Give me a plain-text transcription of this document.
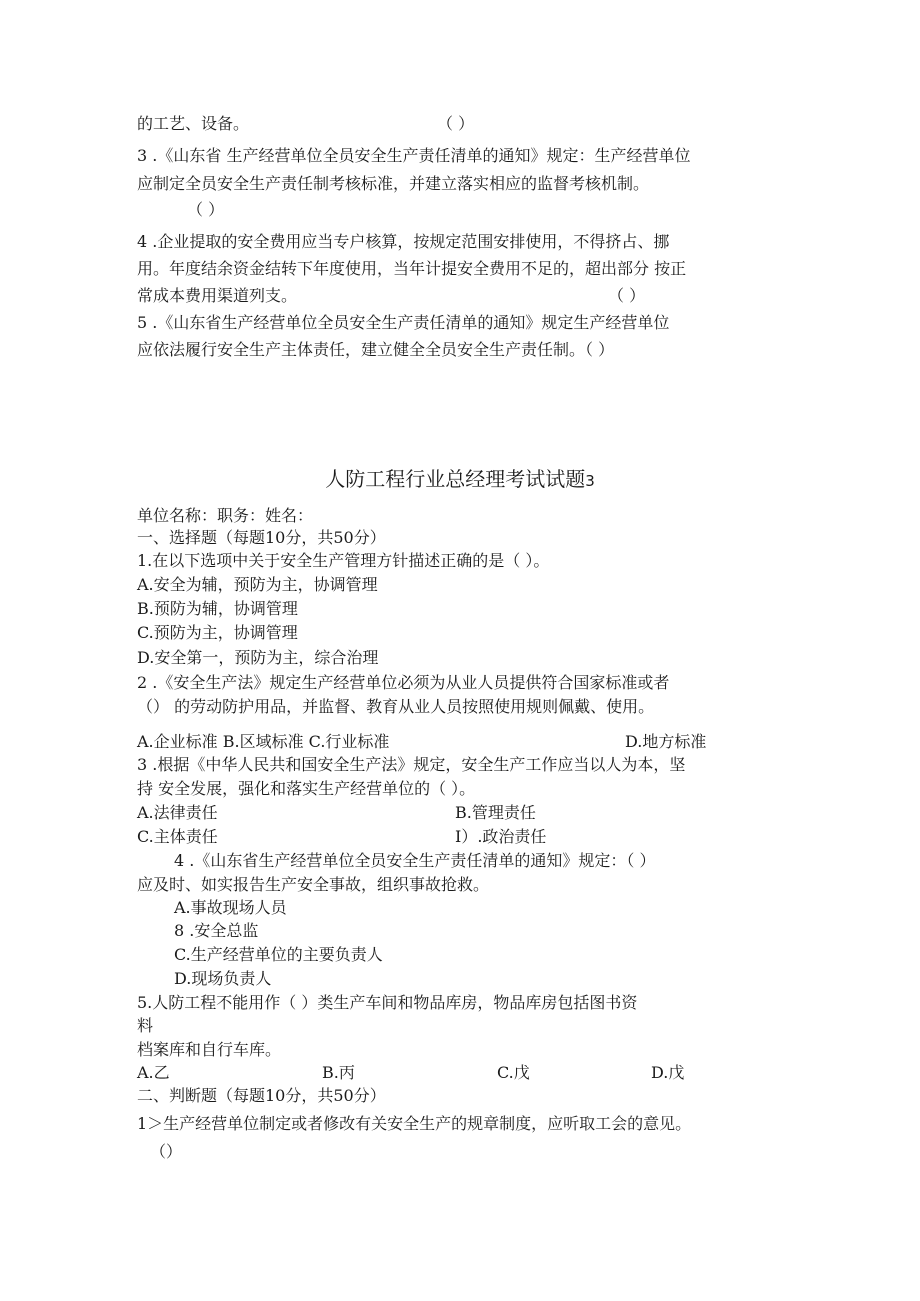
的工艺、设备。	（ ）
3 .《山东省 生产经营单位全员安全生产责任清单的通知》规定：生产经营单位
应制定全员安全生产责任制考核标准，并建立落实相应的监督考核机制。
（ ）
4 .企业提取的安全费用应当专户核算，按规定范围安排使用，不得挤占、挪
用。年度结余资金结转下年度使用，当年计提安全费用不足的，超出部分 按正
常成本费用渠道列支。	（ ）
5 .《山东省生产经营单位全员安全生产责任清单的通知》规定生产经营单位
应依法履行安全生产主体责任，建立健全全员安全生产责任制。（ ）
人防工程行业总经理考试试题3
单位名称：职务：姓名：
一、选择题（每题10分，共50分）
1.在以下选项中关于安全生产管理方针描述正确的是（ ）。
A.安全为辅，预防为主，协调管理
B.预防为辅，协调管理
C.预防为主，协调管理
D.安全第一，预防为主，综合治理
2 .《安全生产法》规定生产经营单位必须为从业人员提供符合国家标准或者
（） 的劳动防护用品，并监督、教育从业人员按照使用规则佩戴、使用。
A.企业标准 B.区域标准 C.行业标准	D.地方标准
3 .根据《中华人民共和国安全生产法》规定，安全生产工作应当以人为本，坚
持 安全发展，强化和落实生产经营单位的（ ）。
A.法律责任	B.管理责任
C.主体责任	I）.政治责任
4 .《山东省生产经营单位全员安全生产责任清单的通知》规定：（ ）
应及时、如实报告生产安全事故，组织事故抢救。
A.事故现场人员
8 .安全总监
C.生产经营单位的主要负责人
D.现场负责人
5.人防工程不能用作（ ）类生产车间和物品库房，物品库房包括图书资
料
档案库和自行车库。
A.乙	B.丙	C.戊	D.戊
二、判断题（每题10分，共50分）
1＞生产经营单位制定或者修改有关安全生产的规章制度，应听取工会的意见。
（）
